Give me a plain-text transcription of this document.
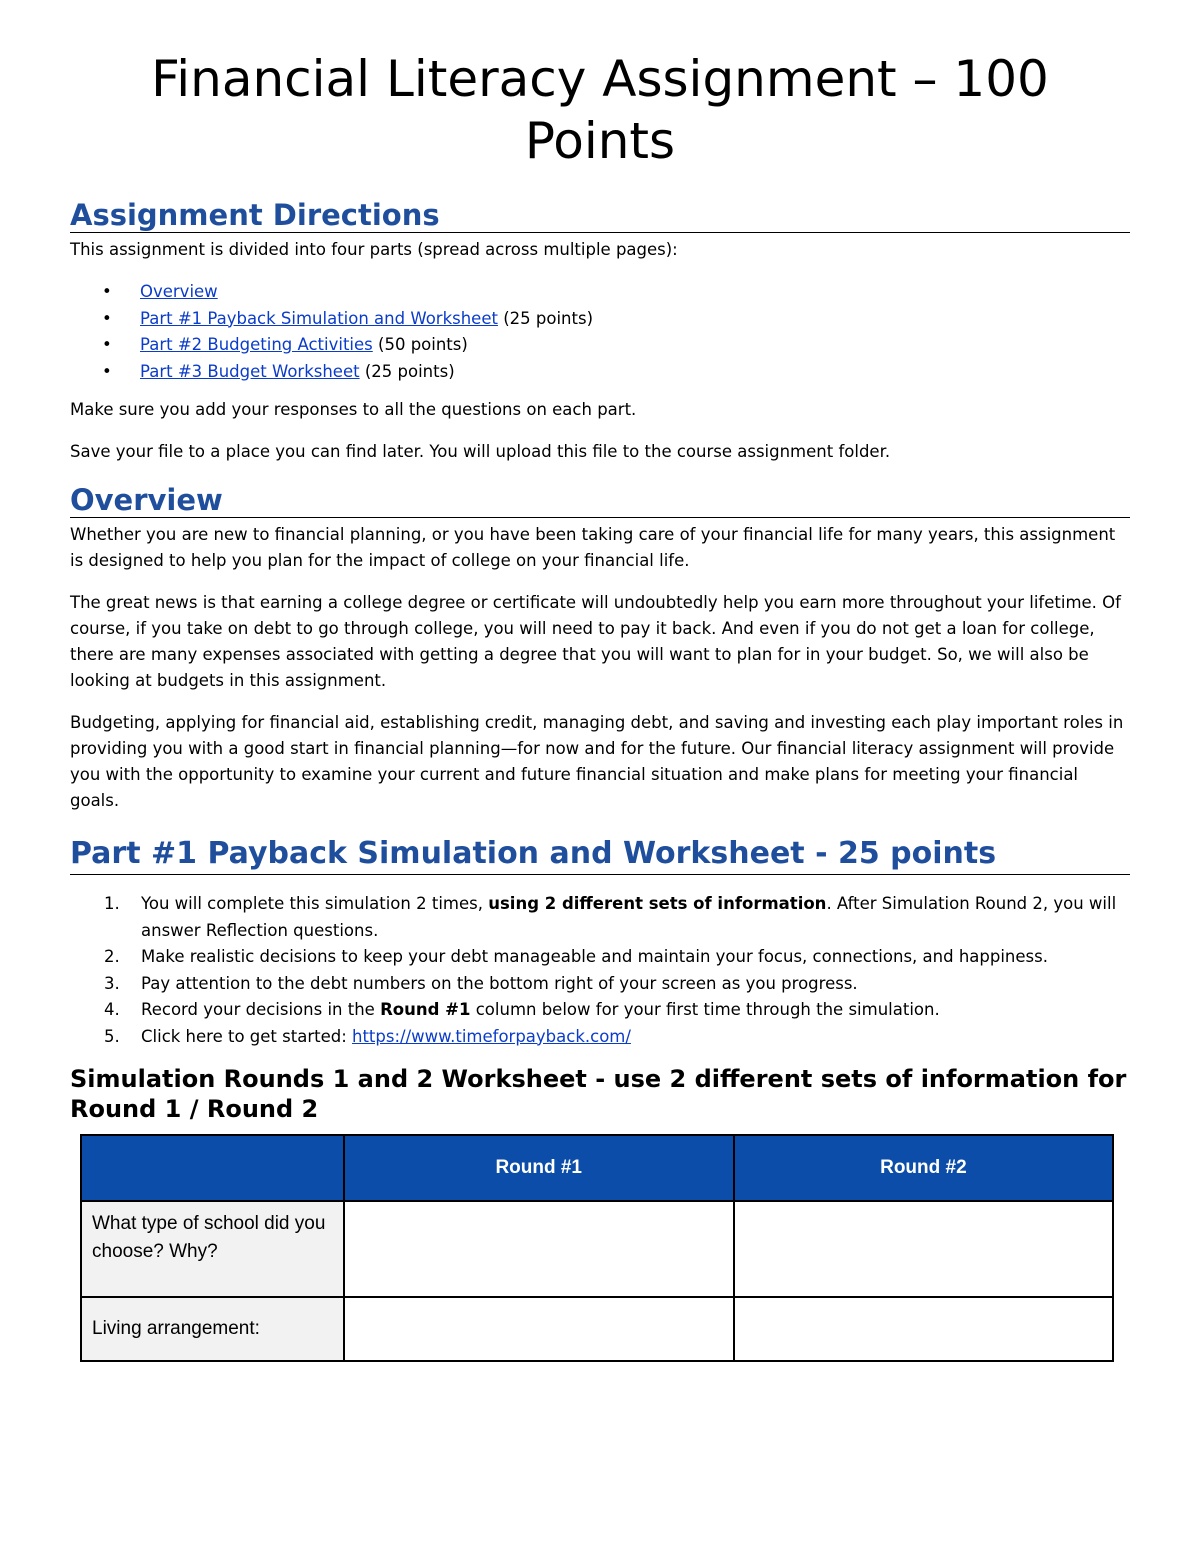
Financial Literacy Assignment – 100 Points
Assignment Directions

This assignment is divided into four parts (spread across multiple pages):

• Overview
• Part #1 Payback Simulation and Worksheet (25 points)
• Part #2 Budgeting Activities (50 points)
• Part #3 Budget Worksheet (25 points)

Make sure you add your responses to all the questions on each part.

Save your file to a place you can find later. You will upload this file to the course assignment folder.

Overview

Whether you are new to financial planning, or you have been taking care of your financial life for many years, this assignment is designed to help you plan for the impact of college on your financial life.

The great news is that earning a college degree or certificate will undoubtedly help you earn more throughout your lifetime. Of course, if you take on debt to go through college, you will need to pay it back. And even if you do not get a loan for college, there are many expenses associated with getting a degree that you will want to plan for in your budget. So, we will also be looking at budgets in this assignment.

Budgeting, applying for financial aid, establishing credit, managing debt, and saving and investing each play important roles in providing you with a good start in financial planning—for now and for the future. Our financial literacy assignment will provide you with the opportunity to examine your current and future financial situation and make plans for meeting your financial goals.

Part #1 Payback Simulation and Worksheet - 25 points
1. You will complete this simulation 2 times, using 2 different sets of information. After Simulation Round 2, you will answer Reflection questions.
2. Make realistic decisions to keep your debt manageable and maintain your focus, connections, and happiness.
3. Pay attention to the debt numbers on the bottom right of your screen as you progress.
4. Record your decisions in the Round #1 column below for your first time through the simulation.
5. Click here to get started: https://www.timeforpayback.com/
Simulation Rounds 1 and 2 Worksheet - use 2 different sets of information for Round 1 / Round 2
	Round #1	Round #2
What type of school did you choose? Why?		
Living arrangement:		
